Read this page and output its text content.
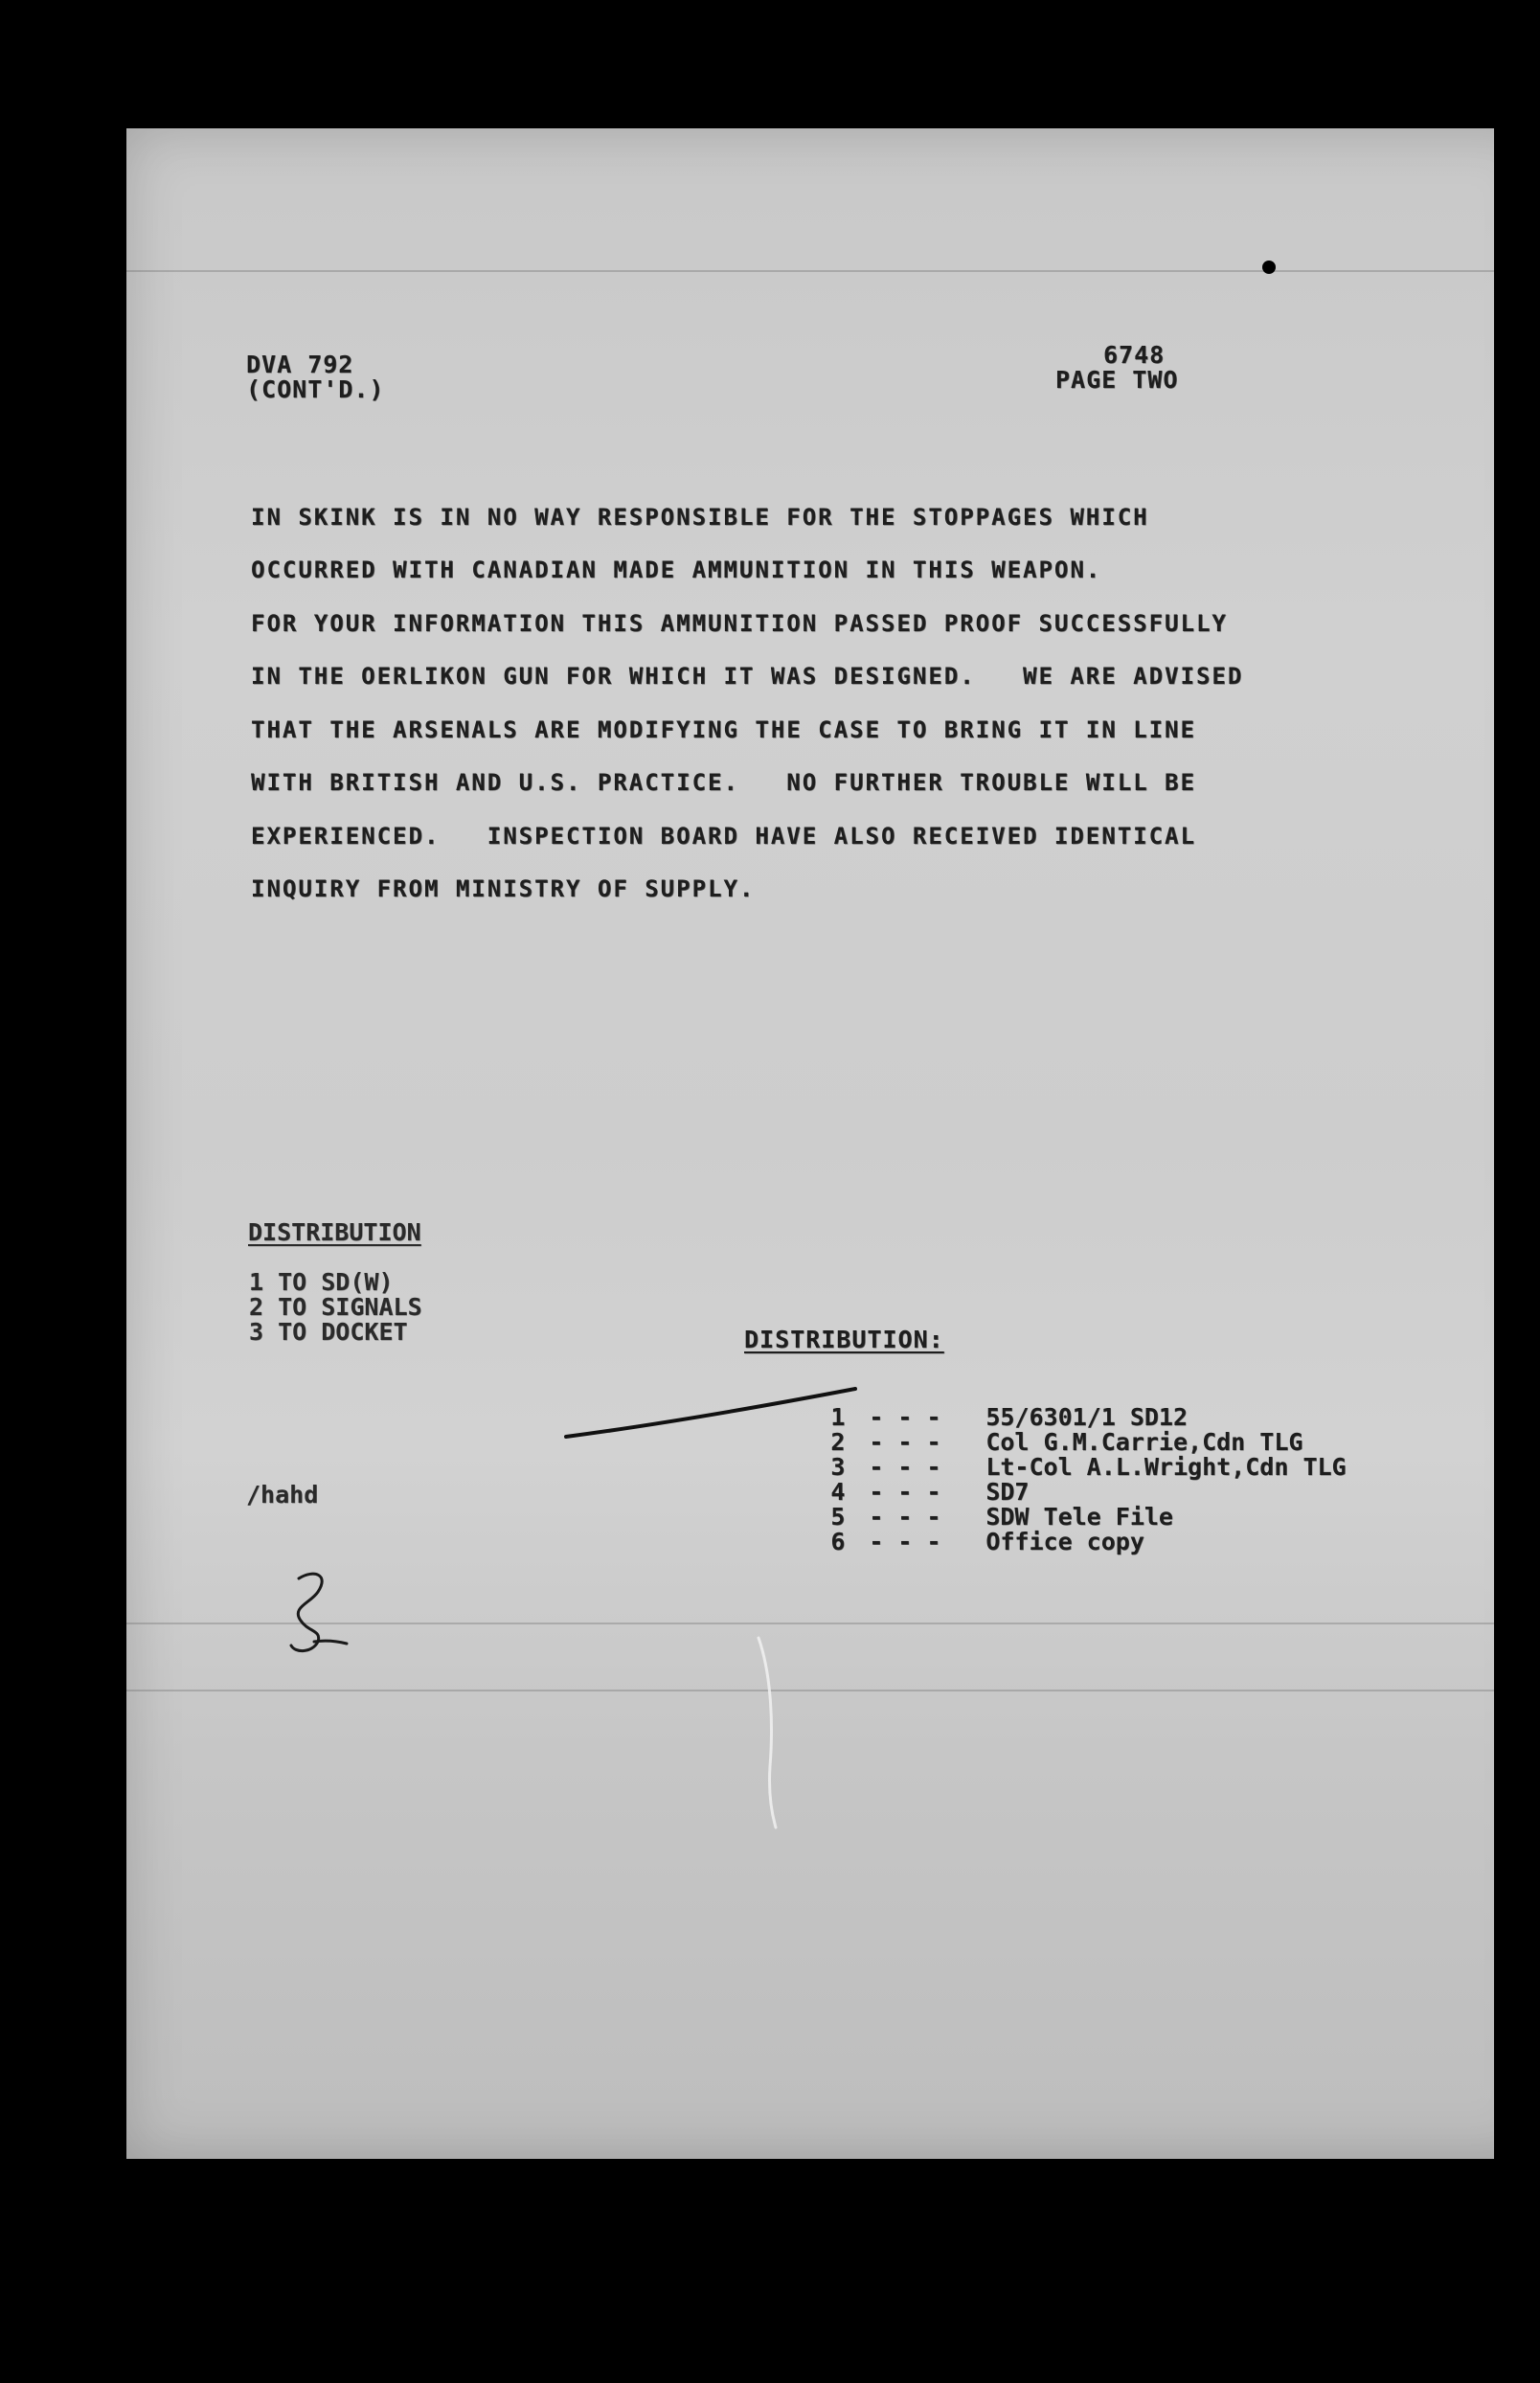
DVA 792
(CONT'D.)
6748
PAGE TWO
IN SKINK IS IN NO WAY RESPONSIBLE FOR THE STOPPAGES WHICH
OCCURRED WITH CANADIAN MADE AMMUNITION IN THIS WEAPON.
FOR YOUR INFORMATION THIS AMMUNITION PASSED PROOF SUCCESSFULLY
IN THE OERLIKON GUN FOR WHICH IT WAS DESIGNED.   WE ARE ADVISED
THAT THE ARSENALS ARE MODIFYING THE CASE TO BRING IT IN LINE
WITH BRITISH AND U.S. PRACTICE.   NO FURTHER TROUBLE WILL BE
EXPERIENCED.   INSPECTION BOARD HAVE ALSO RECEIVED IDENTICAL
INQUIRY FROM MINISTRY OF SUPPLY.
DISTRIBUTION
1 TO SD(W)
2 TO SIGNALS
3 TO DOCKET	DISTRIBUTION:

1 - - - 55/6301/1 SD12

2 - - - Col G.M.Carrie,Cdn TLG

3 - - - Lt-Col A.L.Wright,Cdn TLG

4 - - - SD7

5 - - - SDW Tele File

6 - - - Office copy

/hahd
